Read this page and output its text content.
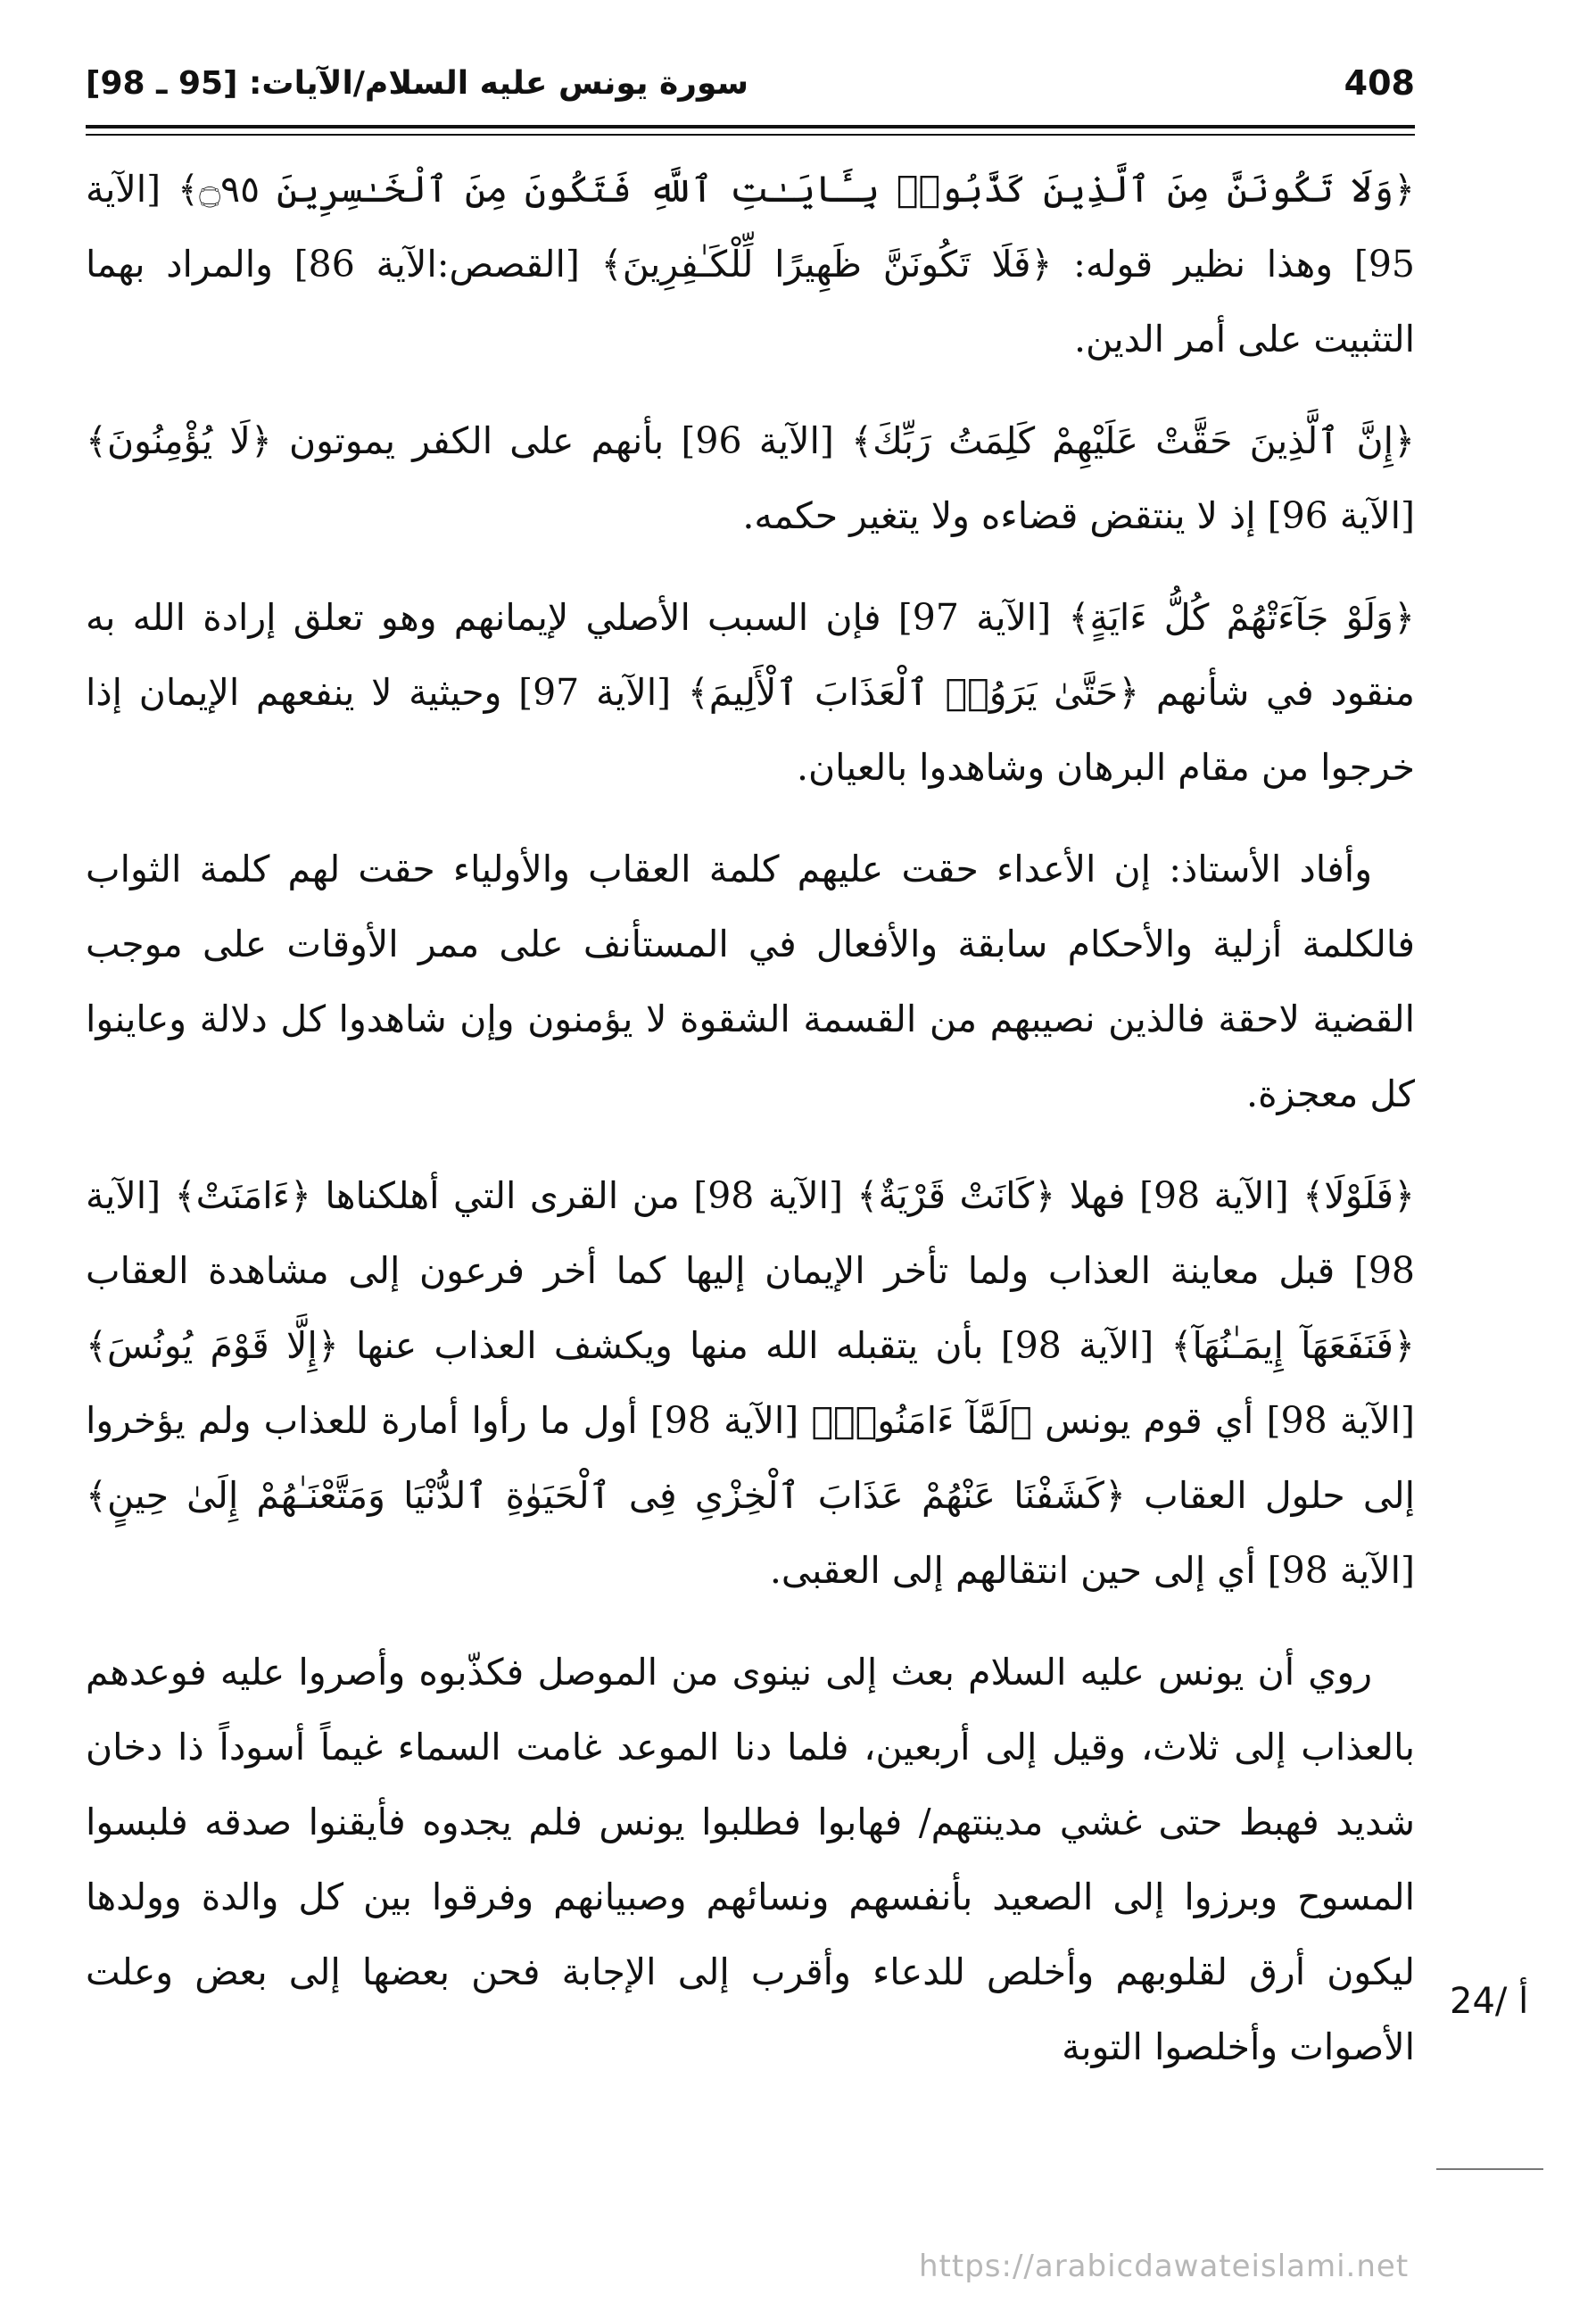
408
سورة يونس عليه السلام/الآيات: [95 ـ 98]

﴿وَلَا تَكُونَنَّ مِنَ ٱلَّذِينَ كَذَّبُوا۟ بِـَٔايَـٰتِ ٱللَّهِ فَتَكُونَ مِنَ ٱلْخَـٰسِرِينَ ۝٩٥﴾ [الآية 95] وهذا نظير قوله: ﴿فَلَا تَكُونَنَّ ظَهِيرًا لِّلْكَـٰفِرِينَ﴾ [القصص:الآية 86] والمراد بهما التثبيت على أمر الدين.

﴿إِنَّ ٱلَّذِينَ حَقَّتْ عَلَيْهِمْ كَلِمَتُ رَبِّكَ﴾ [الآية 96] بأنهم على الكفر يموتون ﴿لَا يُؤْمِنُونَ﴾ [الآية 96] إذ لا ينتقض قضاءه ولا يتغير حكمه.

﴿وَلَوْ جَآءَتْهُمْ كُلُّ ءَايَةٍ﴾ [الآية 97] فإن السبب الأصلي لإيمانهم وهو تعلق إرادة الله به منقود في شأنهم ﴿حَتَّىٰ يَرَوُا۟ ٱلْعَذَابَ ٱلْأَلِيمَ﴾ [الآية 97] وحيثية لا ينفعهم الإيمان إذا خرجوا من مقام البرهان وشاهدوا بالعيان.

وأفاد الأستاذ: إن الأعداء حقت عليهم كلمة العقاب والأولياء حقت لهم كلمة الثواب فالكلمة أزلية والأحكام سابقة والأفعال في المستأنف على ممر الأوقات على موجب القضية لاحقة فالذين نصيبهم من القسمة الشقوة لا يؤمنون وإن شاهدوا كل دلالة وعاينوا كل معجزة.

﴿فَلَوْلَا﴾ [الآية 98] فهلا ﴿كَانَتْ قَرْيَةٌ﴾ [الآية 98] من القرى التي أهلكناها ﴿ءَامَنَتْ﴾ [الآية 98] قبل معاينة العذاب ولما تأخر الإيمان إليها كما أخر فرعون إلى مشاهدة العقاب ﴿فَنَفَعَهَآ إِيمَـٰنُهَآ﴾ [الآية 98] بأن يتقبله الله منها ويكشف العذاب عنها ﴿إِلَّا قَوْمَ يُونُسَ﴾ [الآية 98] أي قوم يونس ﴿لَمَّآ ءَامَنُوا۟﴾ [الآية 98] أول ما رأوا أمارة للعذاب ولم يؤخروا إلى حلول العقاب ﴿كَشَفْنَا عَنْهُمْ عَذَابَ ٱلْخِزْىِ فِى ٱلْحَيَوٰةِ ٱلدُّنْيَا وَمَتَّعْنَـٰهُمْ إِلَىٰ حِينٍ﴾ [الآية 98] أي إلى حين انتقالهم إلى العقبى.

روي أن يونس عليه السلام بعث إلى نينوى من الموصل فكذّبوه وأصروا عليه فوعدهم بالعذاب إلى ثلاث، وقيل إلى أربعين، فلما دنا الموعد غامت السماء غيماً أسوداً ذا دخان شديد فهبط حتى غشي مدينتهم/ فهابوا فطلبوا يونس فلم يجدوه فأيقنوا صدقه فلبسوا المسوح وبرزوا إلى الصعيد بأنفسهم ونسائهم وصبيانهم وفرقوا بين كل والدة وولدها ليكون أرق لقلوبهم وأخلص للدعاء وأقرب إلى الإجابة فحن بعضها إلى بعض وعلت الأصوات وأخلصوا التوبة

24/ أ
https://arabicdawateislami.net
